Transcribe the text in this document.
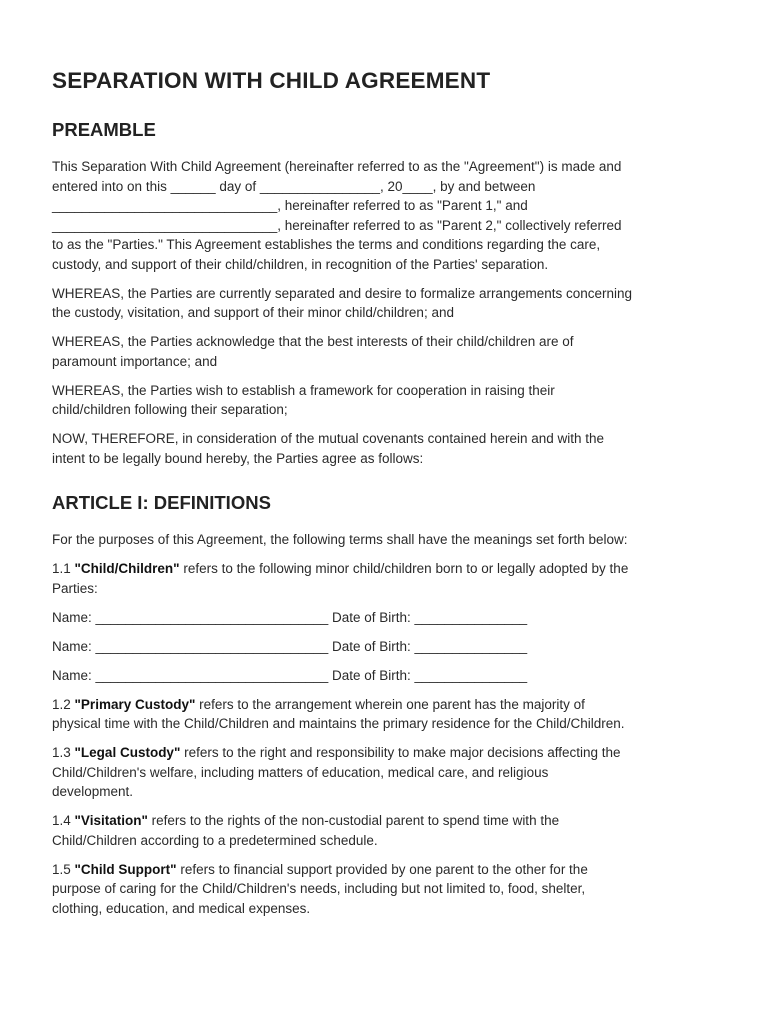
SEPARATION WITH CHILD AGREEMENT
PREAMBLE

This Separation With Child Agreement (hereinafter referred to as the "Agreement") is made and
entered into on this ______ day of ________________, 20____, by and between
______________________________, hereinafter referred to as "Parent 1," and
______________________________, hereinafter referred to as "Parent 2," collectively referred
to as the "Parties." This Agreement establishes the terms and conditions regarding the care,
custody, and support of their child/children, in recognition of the Parties' separation.

WHEREAS, the Parties are currently separated and desire to formalize arrangements concerning
the custody, visitation, and support of their minor child/children; and

WHEREAS, the Parties acknowledge that the best interests of their child/children are of
paramount importance; and

WHEREAS, the Parties wish to establish a framework for cooperation in raising their
child/children following their separation;

NOW, THEREFORE, in consideration of the mutual covenants contained herein and with the
intent to be legally bound hereby, the Parties agree as follows:

ARTICLE I: DEFINITIONS

For the purposes of this Agreement, the following terms shall have the meanings set forth below:

1.1 "Child/Children" refers to the following minor child/children born to or legally adopted by the
Parties:

Name: _______________________________ Date of Birth: _______________
Name: _______________________________ Date of Birth: _______________
Name: _______________________________ Date of Birth: _______________

1.2 "Primary Custody" refers to the arrangement wherein one parent has the majority of
physical time with the Child/Children and maintains the primary residence for the Child/Children.

1.3 "Legal Custody" refers to the right and responsibility to make major decisions affecting the
Child/Children's welfare, including matters of education, medical care, and religious
development.

1.4 "Visitation" refers to the rights of the non-custodial parent to spend time with the
Child/Children according to a predetermined schedule.

1.5 "Child Support" refers to financial support provided by one parent to the other for the
purpose of caring for the Child/Children's needs, including but not limited to, food, shelter,
clothing, education, and medical expenses.
